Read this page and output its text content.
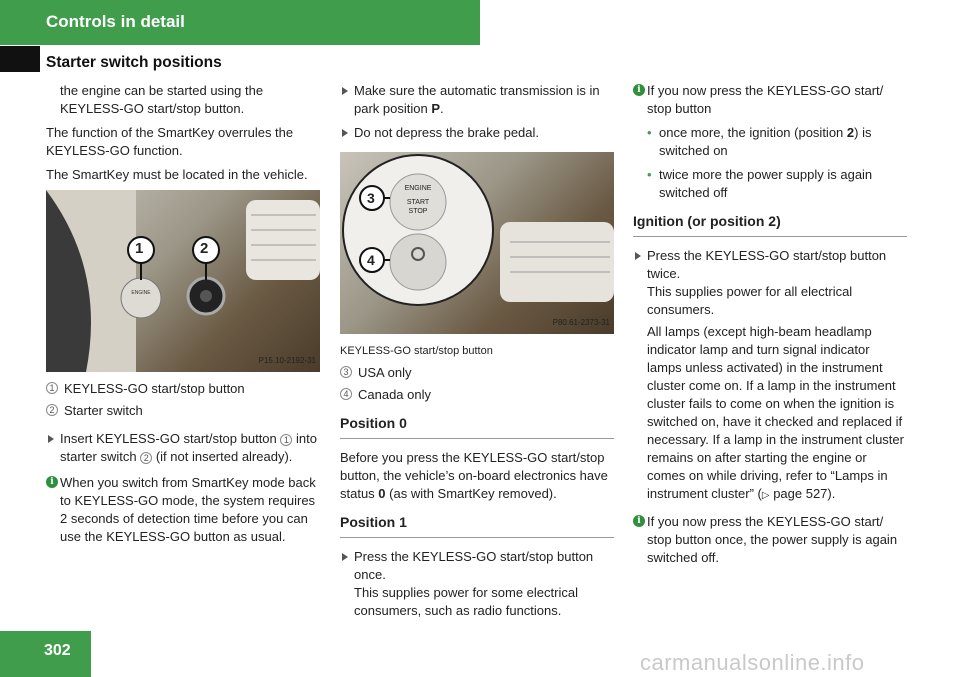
Controls in detail
Starter switch positions

the engine can be started using the KEYLESS-GO start/stop button.

The function of the SmartKey overrules the KEYLESS-GO function.

The SmartKey must be located in the vehicle.

ENGINE
1	2
P15.10-2192-31
1 KEYLESS-GO start/stop button
2 Starter switch
Insert KEYLESS-GO start/stop button 1 into starter switch 2 (if not inserted already).
i When you switch from SmartKey mode back to KEYLESS-GO mode, the system requires 2 seconds of detection time before you can use the KEYLESS-GO button as usual.
Make sure the automatic transmission is in park position P.
Do not depress the brake pedal.
ENGINE
START
STOP
3
4
P80.61-2373-31
KEYLESS-GO start/stop button
3 USA only
4 Canada only
Position 0

Before you press the KEYLESS-GO start/stop button, the vehicle’s on-board electronics have status 0 (as with SmartKey removed).

Position 1
Press the KEYLESS-GO start/stop button once.
This supplies power for some electrical consumers, such as radio functions.
i If you now press the KEYLESS-GO start/ stop button
• once more, the ignition (position 2) is switched on
• twice more the power supply is again switched off
Ignition (or position 2)
Press the KEYLESS-GO start/stop button twice.
This supplies power for all electrical consumers.

All lamps (except high-beam headlamp indicator lamp and turn signal indicator lamps unless activated) in the instrument cluster come on. If a lamp in the instrument cluster fails to come on when the ignition is switched on, have it checked and replaced if necessary. If a lamp in the instrument cluster remains on after starting the engine or comes on while driving, refer to “Lamps in instrument cluster” (▷ page 527).

i If you now press the KEYLESS-GO start/ stop button once, the power supply is again switched off.
302	carmanualsonline.info
